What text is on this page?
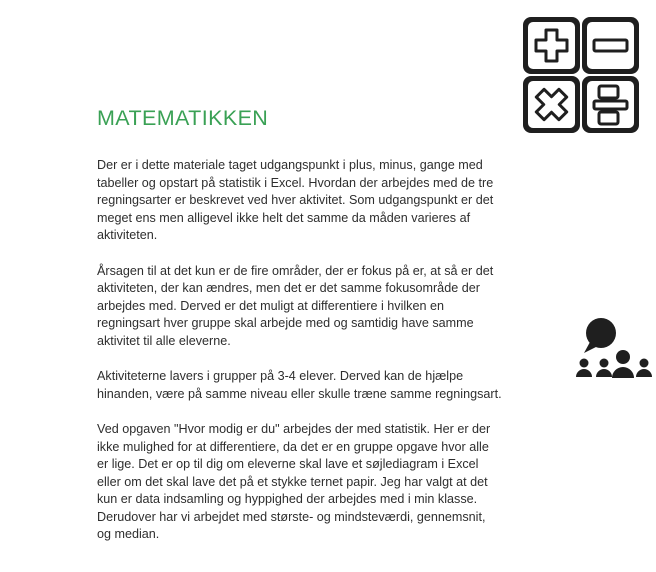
MATEMATIKKEN

Der er i dette materiale taget udgangspunkt i plus, minus, gange med
tabeller og opstart på statistik i Excel. Hvordan der arbejdes med de tre
regningsarter er beskrevet ved hver aktivitet. Som udgangspunkt er det
meget ens men alligevel ikke helt det samme da måden varieres af
aktiviteten.

Årsagen til at det kun er de fire områder, der er fokus på er, at så er det
aktiviteten, der kan ændres, men det er det samme fokusområde der
arbejdes med. Derved er det muligt at differentiere i hvilken en
regningsart hver gruppe skal arbejde med og samtidig have samme
aktivitet til alle eleverne.

Aktiviteterne lavers i grupper på 3-4 elever. Derved kan de hjælpe
hinanden, være på samme niveau eller skulle træne samme regningsart.

Ved opgaven "Hvor modig er du" arbejdes der med statistik. Her er der
ikke mulighed for at differentiere, da det er en gruppe opgave hvor alle
er lige. Det er op til dig om eleverne skal lave et søjlediagram i Excel
eller om det skal lave det på et stykke ternet papir. Jeg har valgt at det
kun er data indsamling og hyppighed der arbejdes med i min klasse.
Derudover har vi arbejdet med største- og mindsteværdi, gennemsnit,
og median.
